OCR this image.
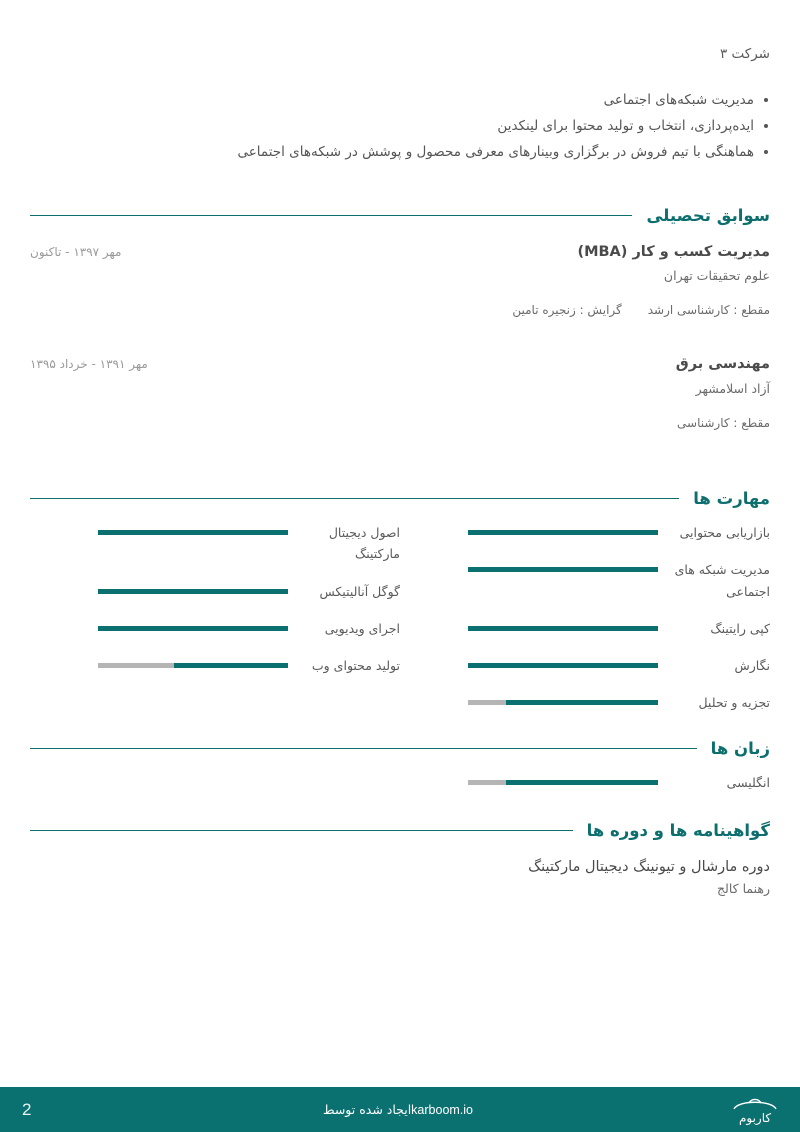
شرکت ۳
مدیریت شبکه‌های اجتماعی
ایده‌پردازی، انتخاب و تولید محتوا برای لینکدین
هماهنگی با تیم فروش در برگزاری وبینارهای معرفی محصول و پوشش در شبکه‌های اجتماعی
سوابق تحصیلی
مدیریت کسب و کار (MBA)
علوم تحقیقات تهران
مهر ۱۳۹۷ - تاکنون
مقطع : کارشناسی ارشد
گرایش : زنجیره تامین
مهندسی برق
آزاد اسلامشهر
مهر ۱۳۹۱ - خرداد ۱۳۹۵
مقطع : کارشناسی
مهارت ها
بازاریابی محتوایی
مدیریت شبکه های اجتماعی
کپی رایتینگ
نگارش
تجزیه و تحلیل
اصول دیجیتال مارکتینگ
گوگل آنالیتیکس
اجرای ویدیویی
تولید محتوای وب
زبان ها
انگلیسی
گواهینامه ها و دوره ها
دوره مارشال و تیونینگ دیجیتال مارکتینگ
رهنما کالج
2	karboom.ioایجاد شده توسط
کاربوم
